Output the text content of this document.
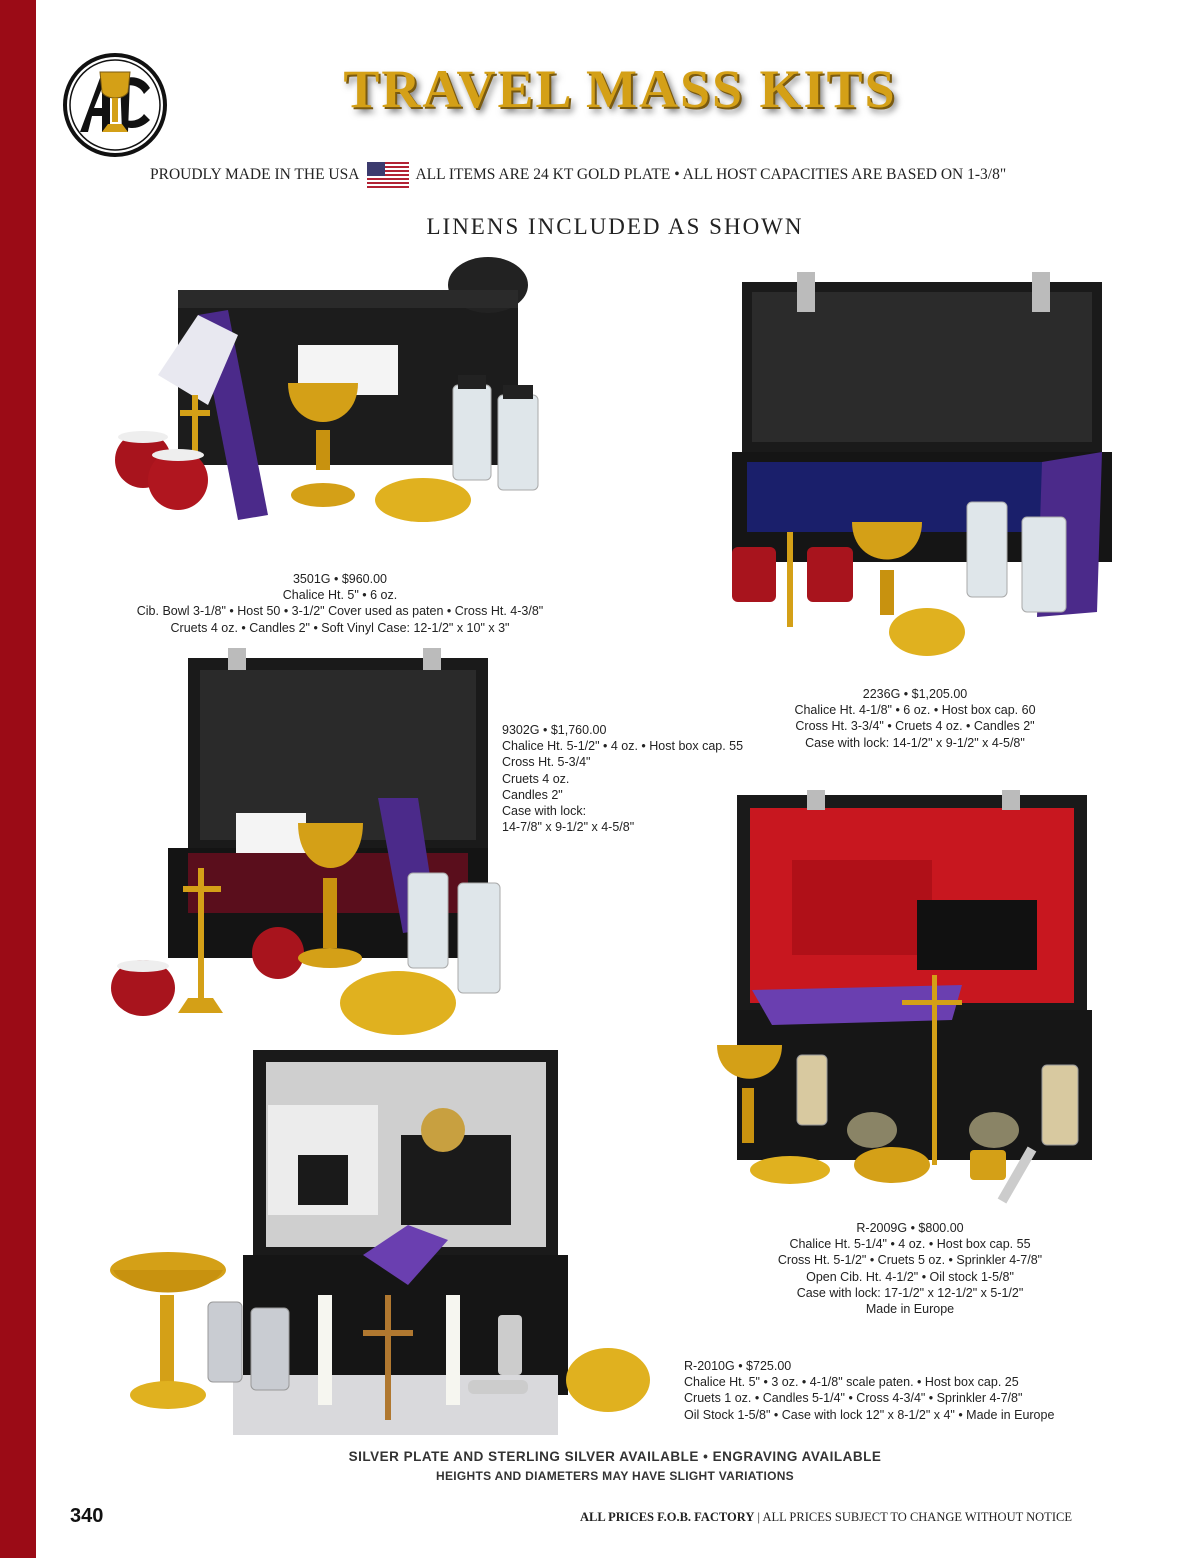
TRAVEL MASS KITS
PROUDLY MADE IN THE USA	ALL ITEMS ARE 24 KT GOLD PLATE • ALL HOST CAPACITIES ARE BASED ON 1-3/8"
LINENS INCLUDED AS SHOWN
3501G • $960.00
Chalice Ht. 5" • 6 oz.
Cib. Bowl 3-1/8" • Host 50 • 3-1/2" Cover used as paten • Cross Ht. 4-3/8"
Cruets 4 oz. • Candles 2" • Soft Vinyl Case: 12-1/2" x 10" x 3"
2236G • $1,205.00
Chalice Ht. 4-1/8" • 6 oz. • Host box cap. 60
Cross Ht. 3-3/4" • Cruets 4 oz. • Candles 2"
Case with lock: 14-1/2" x 9-1/2" x 4-5/8"
9302G • $1,760.00
Chalice Ht. 5-1/2" • 4 oz. • Host box cap. 55
Cross Ht. 5-3/4"
Cruets 4 oz.
Candles 2"
Case with lock:
14-7/8" x 9-1/2" x 4-5/8"
R-2009G • $800.00
Chalice Ht. 5-1/4" • 4 oz. • Host box cap. 55
Cross Ht. 5-1/2" • Cruets 5 oz. • Sprinkler 4-7/8"
Open Cib. Ht. 4-1/2" • Oil stock 1-5/8"
Case with lock: 17-1/2" x 12-1/2" x 5-1/2"
Made in Europe
R-2010G • $725.00
Chalice Ht. 5" • 3 oz. • 4-1/8" scale paten. • Host box cap. 25
Cruets 1 oz. • Candles 5-1/4" • Cross 4-3/4" • Sprinkler 4-7/8"
Oil Stock 1-5/8" • Case with lock 12" x 8-1/2" x 4" • Made in Europe
SILVER PLATE AND STERLING SILVER AVAILABLE • ENGRAVING AVAILABLE
HEIGHTS AND DIAMETERS MAY HAVE SLIGHT VARIATIONS
340	ALL PRICES F.O.B. FACTORY | ALL PRICES SUBJECT TO CHANGE WITHOUT NOTICE
